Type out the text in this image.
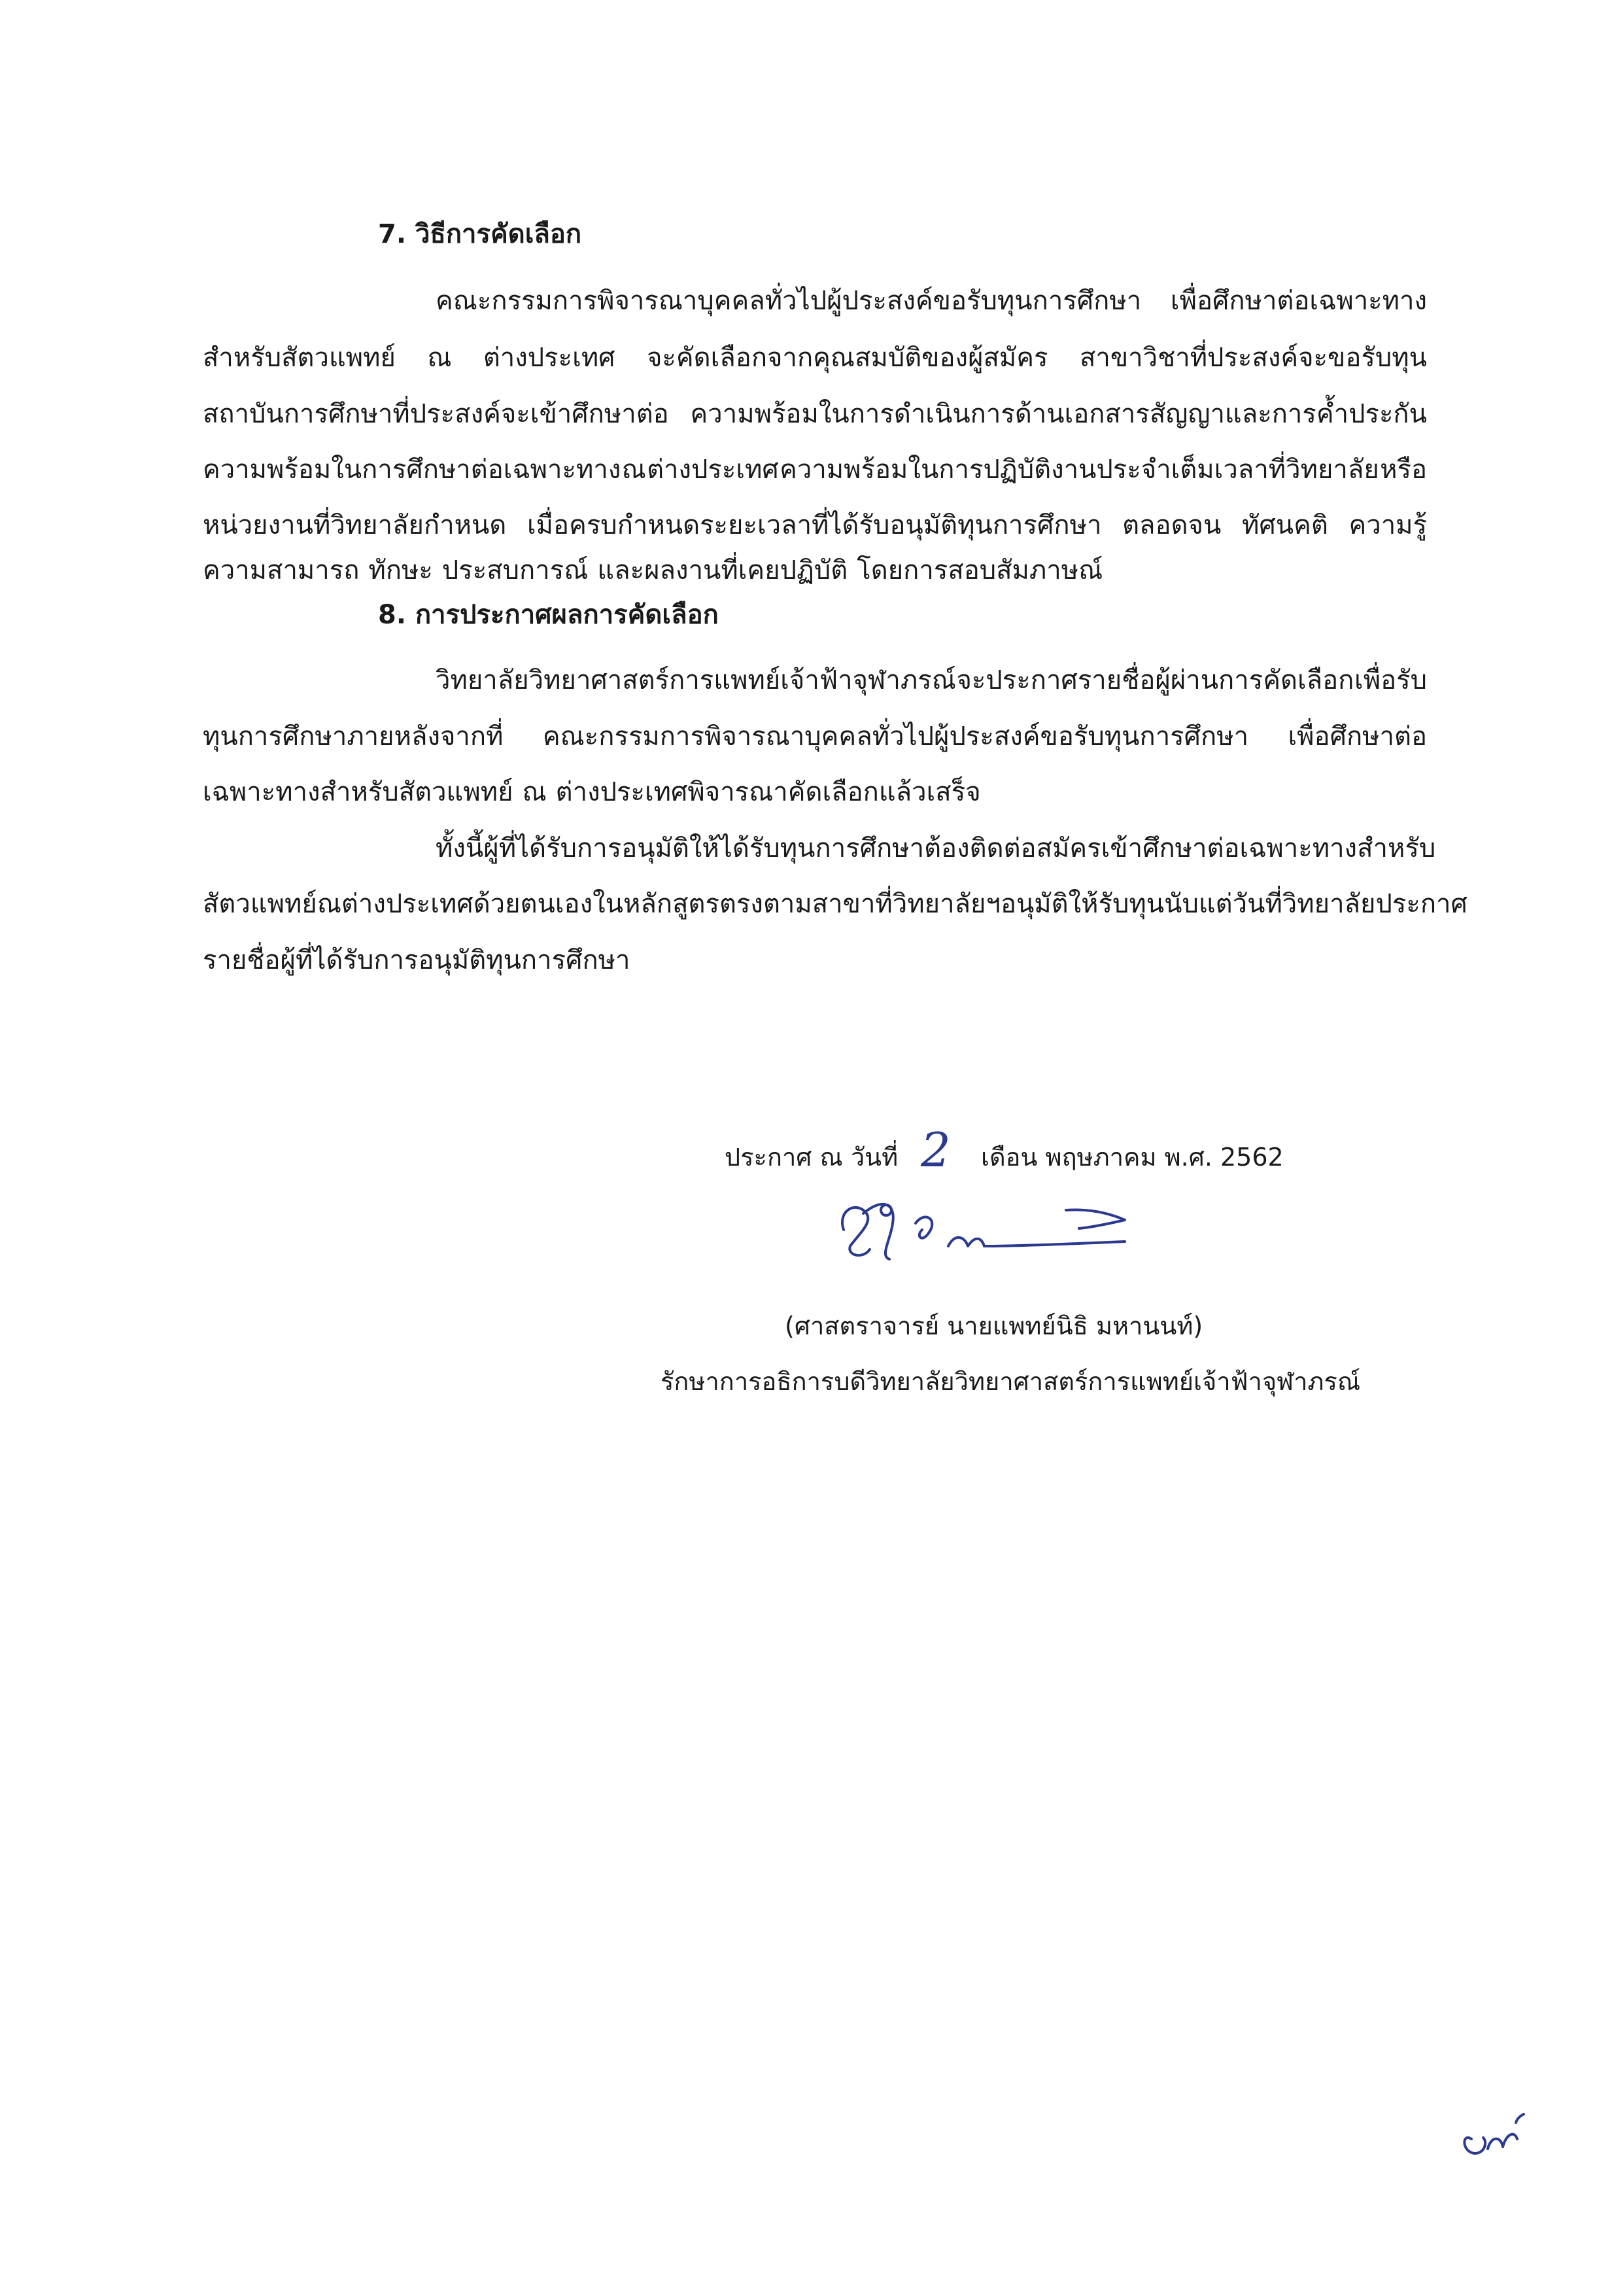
7. วิธีการคัดเลือก
คณะกรรมการพิจารณาบุคคลทั่วไปผู้ประสงค์ขอรับทุนการศึกษา เพื่อศึกษาต่อเฉพาะทาง
สำหรับสัตวแพทย์ ณ ต่างประเทศ จะคัดเลือกจากคุณสมบัติของผู้สมัคร สาขาวิชาที่ประสงค์จะขอรับทุน
สถาบันการศึกษาที่ประสงค์จะเข้าศึกษาต่อ ความพร้อมในการดำเนินการด้านเอกสารสัญญาและการค้ำประกัน
ความพร้อมในการศึกษาต่อเฉพาะทาง ณ ต่างประเทศ ความพร้อมในการปฏิบัติงานประจำเต็มเวลาที่วิทยาลัย หรือ
หน่วยงานที่วิทยาลัยกำหนด เมื่อครบกำหนดระยะเวลาที่ได้รับอนุมัติทุนการศึกษา ตลอดจน ทัศนคติ ความรู้
ความสามารถ ทักษะ ประสบการณ์ และผลงานที่เคยปฏิบัติ โดยการสอบสัมภาษณ์
8. การประกาศผลการคัดเลือก
วิทยาลัยวิทยาศาสตร์การแพทย์เจ้าฟ้าจุฬาภรณ์ จะประกาศรายชื่อผู้ผ่านการคัดเลือก เพื่อรับ
ทุนการศึกษาภายหลังจากที่ คณะกรรมการพิจารณาบุคคลทั่วไปผู้ประสงค์ขอรับทุนการศึกษา เพื่อศึกษาต่อ
เฉพาะทางสำหรับสัตวแพทย์ ณ ต่างประเทศพิจารณาคัดเลือกแล้วเสร็จ
ทั้งนี้ ผู้ที่ได้รับการอนุมัติให้ได้รับทุนการศึกษาต้องติดต่อสมัครเข้าศึกษาต่อเฉพาะทางสำหรับ
สัตวแพทย์ ณ ต่างประเทศ ด้วยตนเอง ในหลักสูตรตรงตามสาขาที่วิทยาลัยฯอนุมัติให้รับทุน นับแต่วันที่วิทยาลัยประกาศ
รายชื่อผู้ที่ได้รับการอนุมัติทุนการศึกษา
ประกาศ ณ วันที่ 2 เดือน พฤษภาคม พ.ศ. 2562
(ศาสตราจารย์ นายแพทย์นิธิ มหานนท์)
รักษาการอธิการบดีวิทยาลัยวิทยาศาสตร์การแพทย์เจ้าฟ้าจุฬาภรณ์
